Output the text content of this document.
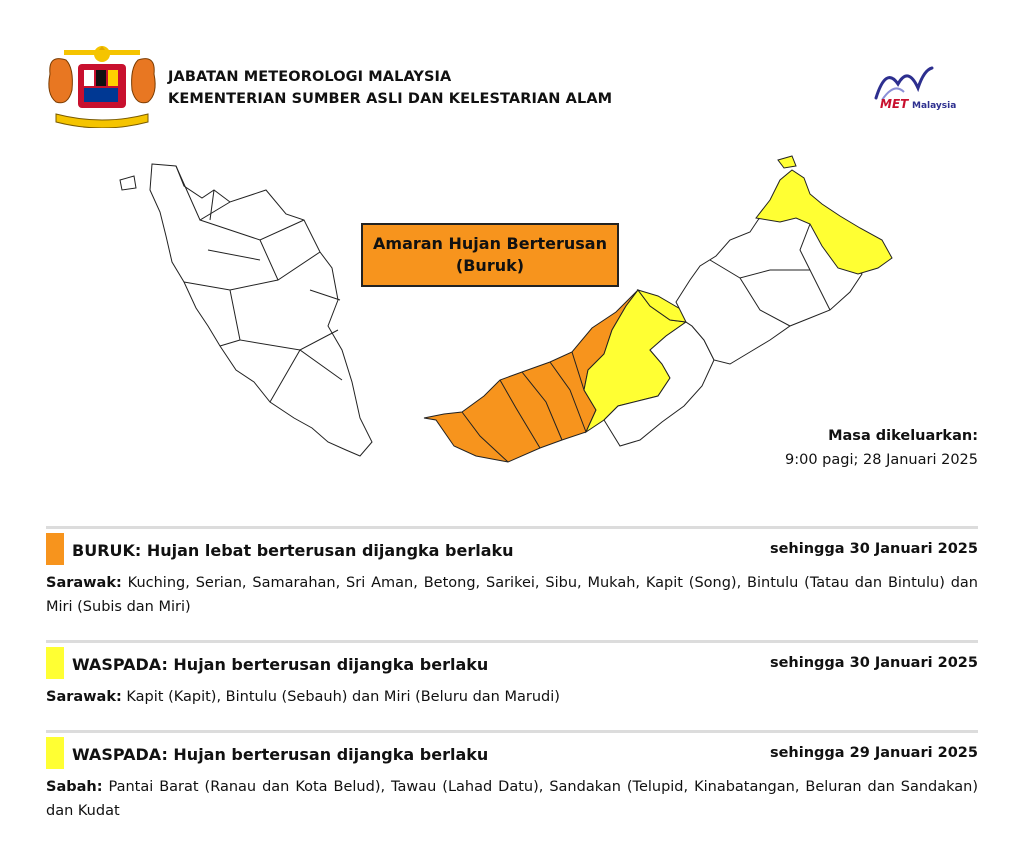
JABATAN METEOROLOGI MALAYSIA
KEMENTERIAN SUMBER ASLI DAN KELESTARIAN ALAM	MET Malaysia
Amaran Hujan Berterusan
(Buruk)
Masa dikeluarkan:
9:00 pagi; 28 Januari 2025
BURUK: Hujan lebat berterusan dijangka berlaku	sehingga 30 Januari 2025
Sarawak: Kuching, Serian, Samarahan, Sri Aman, Betong, Sarikei, Sibu, Mukah, Kapit (Song), Bintulu (Tatau dan Bintulu) dan Miri (Subis dan Miri)
WASPADA: Hujan berterusan dijangka berlaku	sehingga 30 Januari 2025
Sarawak: Kapit (Kapit), Bintulu (Sebauh) dan Miri (Beluru dan Marudi)
WASPADA: Hujan berterusan dijangka berlaku	sehingga 29 Januari 2025
Sabah: Pantai Barat (Ranau dan Kota Belud), Tawau (Lahad Datu), Sandakan (Telupid, Kinabatangan, Beluran dan Sandakan) dan Kudat
